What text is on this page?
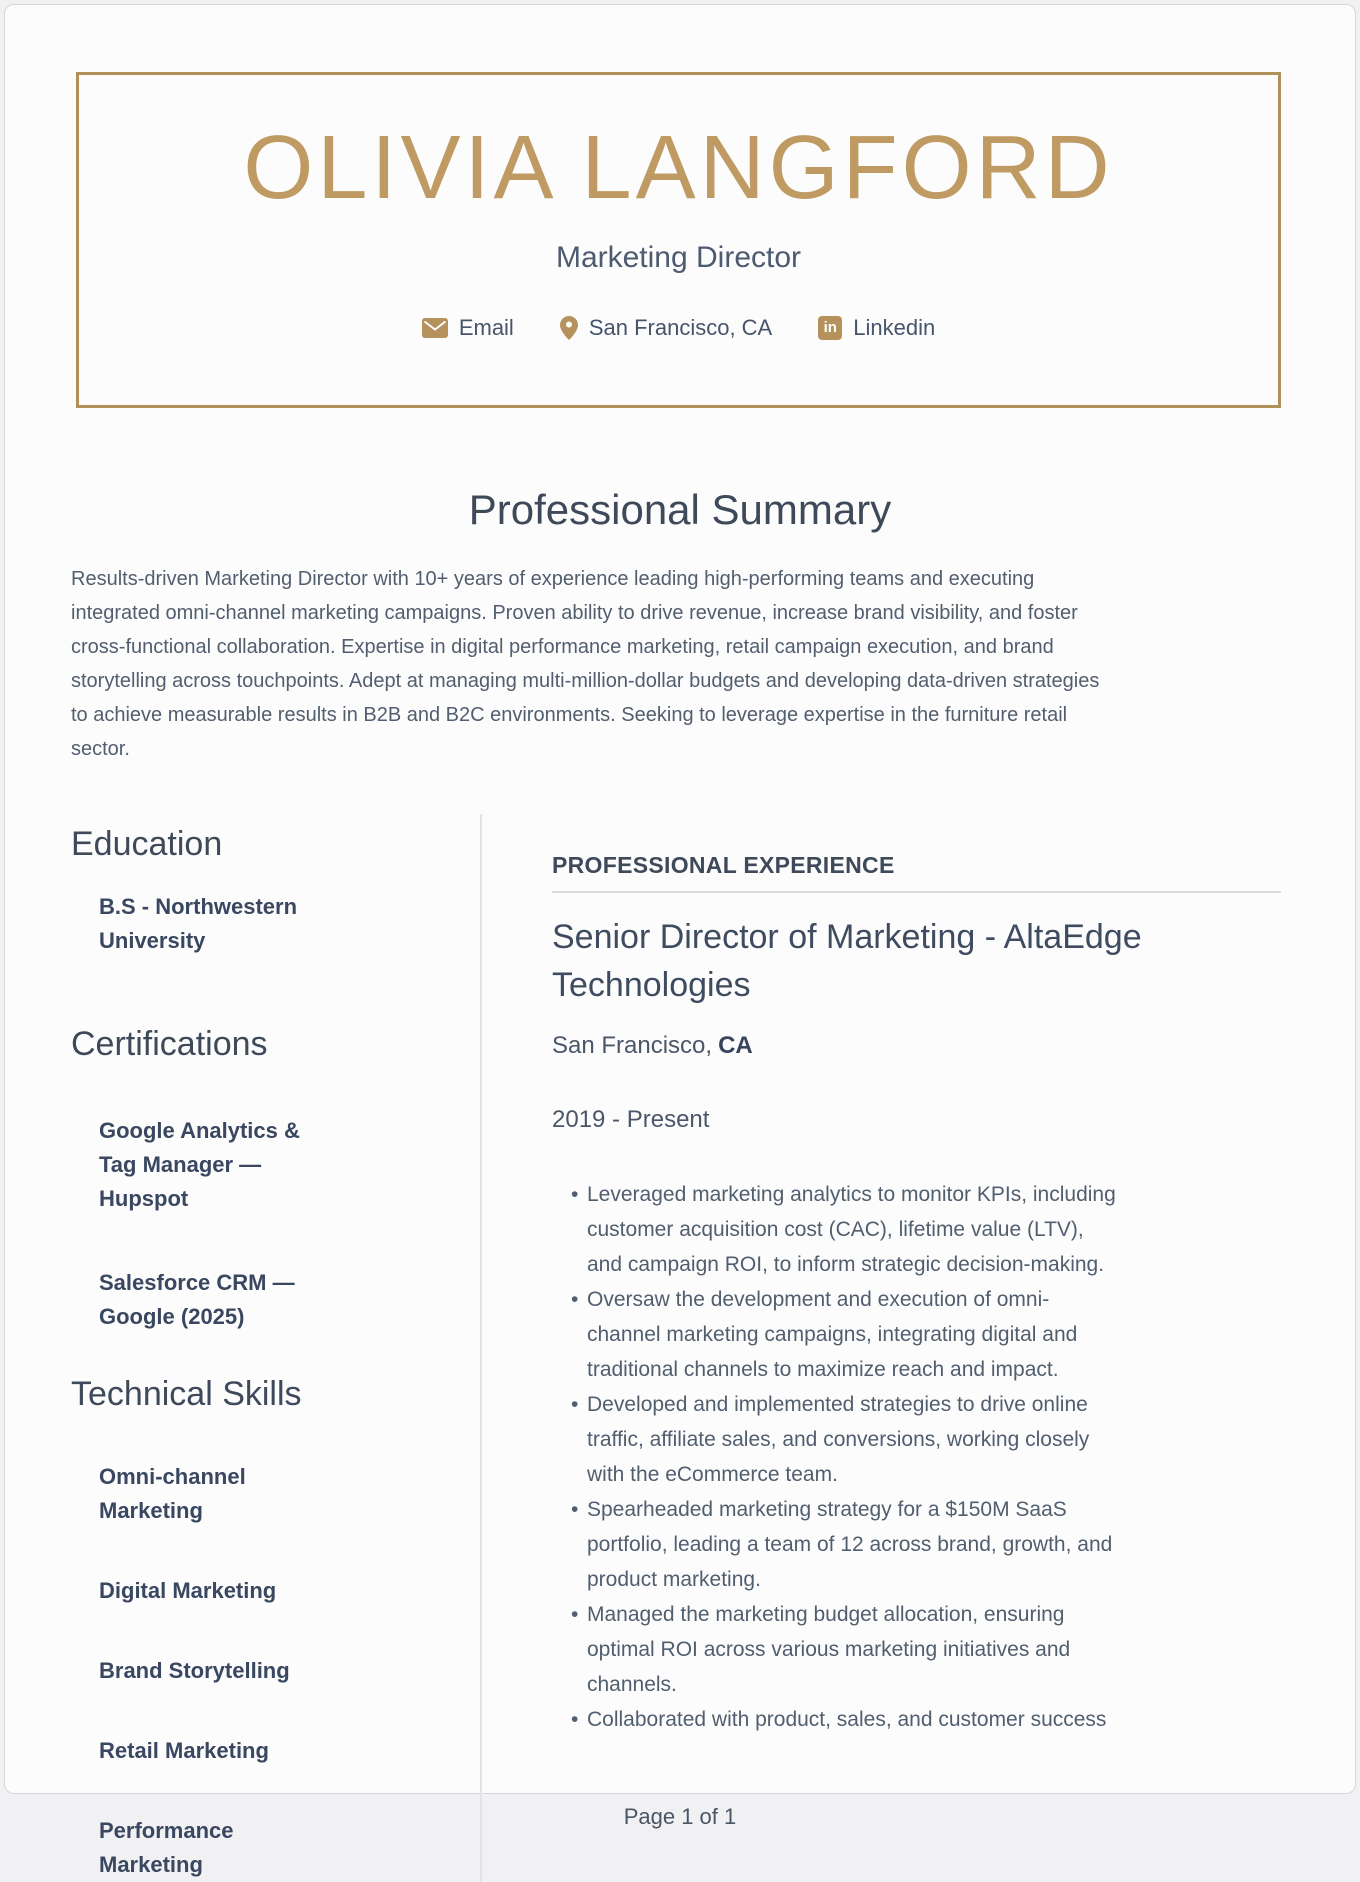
OLIVIA LANGFORD
Marketing Director
Email	San Francisco, CA	in Linkedin
Professional Summary

Results-driven Marketing Director with 10+ years of experience leading high-performing teams and executing integrated omni-channel marketing campaigns. Proven ability to drive revenue, increase brand visibility, and foster cross-functional collaboration. Expertise in digital performance marketing, retail campaign execution, and brand storytelling across touchpoints. Adept at managing multi-million-dollar budgets and developing data-driven strategies to achieve measurable results in B2B and B2C environments. Seeking to leverage expertise in the furniture retail sector.

Education
B.S - Northwestern University
Certifications
Google Analytics & Tag Manager — Hupspot
Salesforce CRM — Google (2025)
Technical Skills
Omni-channel Marketing
Digital Marketing
Brand Storytelling
Retail Marketing
Performance Marketing
PROFESSIONAL EXPERIENCE
Senior Director of Marketing - AltaEdge Technologies
San Francisco, CA
2019 - Present
• Leveraged marketing analytics to monitor KPIs, including customer acquisition cost (CAC), lifetime value (LTV), and campaign ROI, to inform strategic decision-making.
• Oversaw the development and execution of omni-channel marketing campaigns, integrating digital and traditional channels to maximize reach and impact.
• Developed and implemented strategies to drive online traffic, affiliate sales, and conversions, working closely with the eCommerce team.
• Spearheaded marketing strategy for a $150M SaaS portfolio, leading a team of 12 across brand, growth, and product marketing.
• Managed the marketing budget allocation, ensuring optimal ROI across various marketing initiatives and channels.
• Collaborated with product, sales, and customer success
Page 1 of 1
